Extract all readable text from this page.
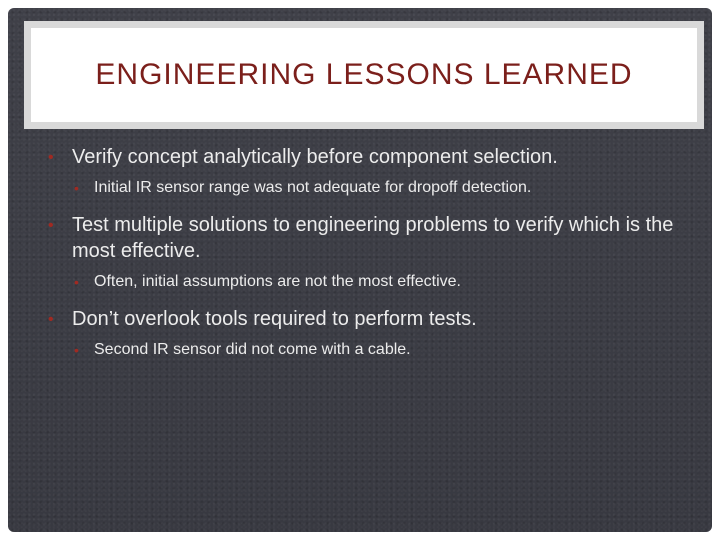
ENGINEERING LESSONS LEARNED
• Verify concept analytically before component selection.
• Initial IR sensor range was not adequate for dropoff detection.
• Test multiple solutions to engineering problems to verify which is the most effective.
• Often, initial assumptions are not the most effective.
• Don’t overlook tools required to perform tests.
• Second IR sensor did not come with a cable.
